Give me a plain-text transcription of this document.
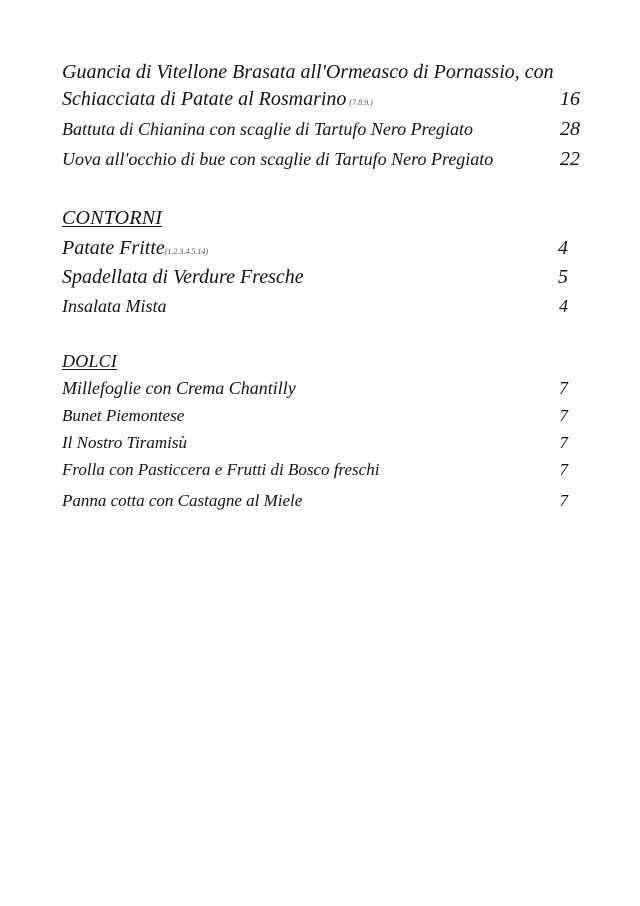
Guancia di Vitellone Brasata all'Ormeasco di Pornassio, con
Schiacciata di Patate al Rosmarino (7.8.9.)	16
Battuta di Chianina con scaglie di Tartufo Nero Pregiato	28
Uova all'occhio di bue con scaglie di Tartufo Nero Pregiato	22
CONTORNI
Patate Fritte(1.2.3.4.5.14)	4
Spadellata di Verdure Fresche	5
Insalata Mista	4
DOLCI
Millefoglie con Crema Chantilly	7
Bunet Piemontese	7
Il Nostro Tiramisù	7
Frolla con Pasticcera e Frutti di Bosco freschi	7
Panna cotta con Castagne al Miele	7
